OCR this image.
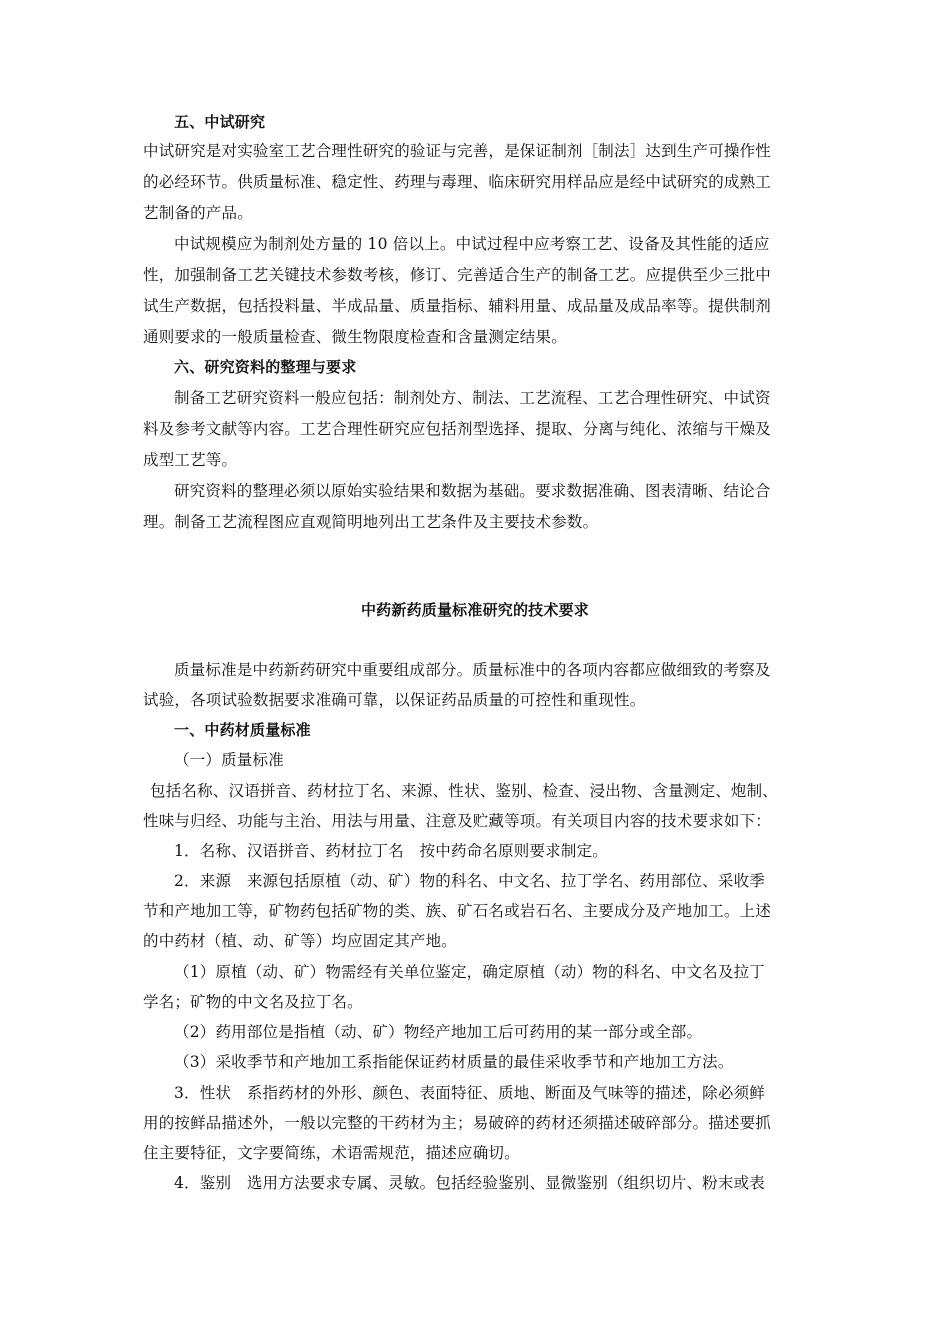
五、中试研究
中试研究是对实验室工艺合理性研究的验证与完善，是保证制剂［制法］达到生产可操作性
的必经环节。供质量标准、稳定性、药理与毒理、临床研究用样品应是经中试研究的成熟工
艺制备的产品。
中试规模应为制剂处方量的 10 倍以上。中试过程中应考察工艺、设备及其性能的适应
性，加强制备工艺关键技术参数考核，修订、完善适合生产的制备工艺。应提供至少三批中
试生产数据，包括投料量、半成品量、质量指标、辅料用量、成品量及成品率等。提供制剂
通则要求的一般质量检查、微生物限度检查和含量测定结果。
六、研究资料的整理与要求
制备工艺研究资料一般应包括：制剂处方、制法、工艺流程、工艺合理性研究、中试资
料及参考文献等内容。工艺合理性研究应包括剂型选择、提取、分离与纯化、浓缩与干燥及
成型工艺等。
研究资料的整理必须以原始实验结果和数据为基础。要求数据准确、图表清晰、结论合
理。制备工艺流程图应直观简明地列出工艺条件及主要技术参数。
中药新药质量标准研究的技术要求
质量标准是中药新药研究中重要组成部分。质量标准中的各项内容都应做细致的考察及
试验，各项试验数据要求准确可靠，以保证药品质量的可控性和重现性。
一、中药材质量标准
（一）质量标准
包括名称、汉语拼音、药材拉丁名、来源、性状、鉴别、检查、浸出物、含量测定、炮制、
性味与归经、功能与主治、用法与用量、注意及贮藏等项。有关项目内容的技术要求如下：
1．名称、汉语拼音、药材拉丁名　按中药命名原则要求制定。
2．来源　来源包括原植（动、矿）物的科名、中文名、拉丁学名、药用部位、采收季
节和产地加工等，矿物药包括矿物的类、族、矿石名或岩石名、主要成分及产地加工。上述
的中药材（植、动、矿等）均应固定其产地。
（1）原植（动、矿）物需经有关单位鉴定，确定原植（动）物的科名、中文名及拉丁
学名；矿物的中文名及拉丁名。
（2）药用部位是指植（动、矿）物经产地加工后可药用的某一部分或全部。
（3）采收季节和产地加工系指能保证药材质量的最佳采收季节和产地加工方法。
3．性状　系指药材的外形、颜色、表面特征、质地、断面及气味等的描述，除必须鲜
用的按鲜品描述外，一般以完整的干药材为主；易破碎的药材还须描述破碎部分。描述要抓
住主要特征，文字要简练，术语需规范，描述应确切。
4．鉴别　选用方法要求专属、灵敏。包括经验鉴别、显微鉴别（组织切片、粉末或表
